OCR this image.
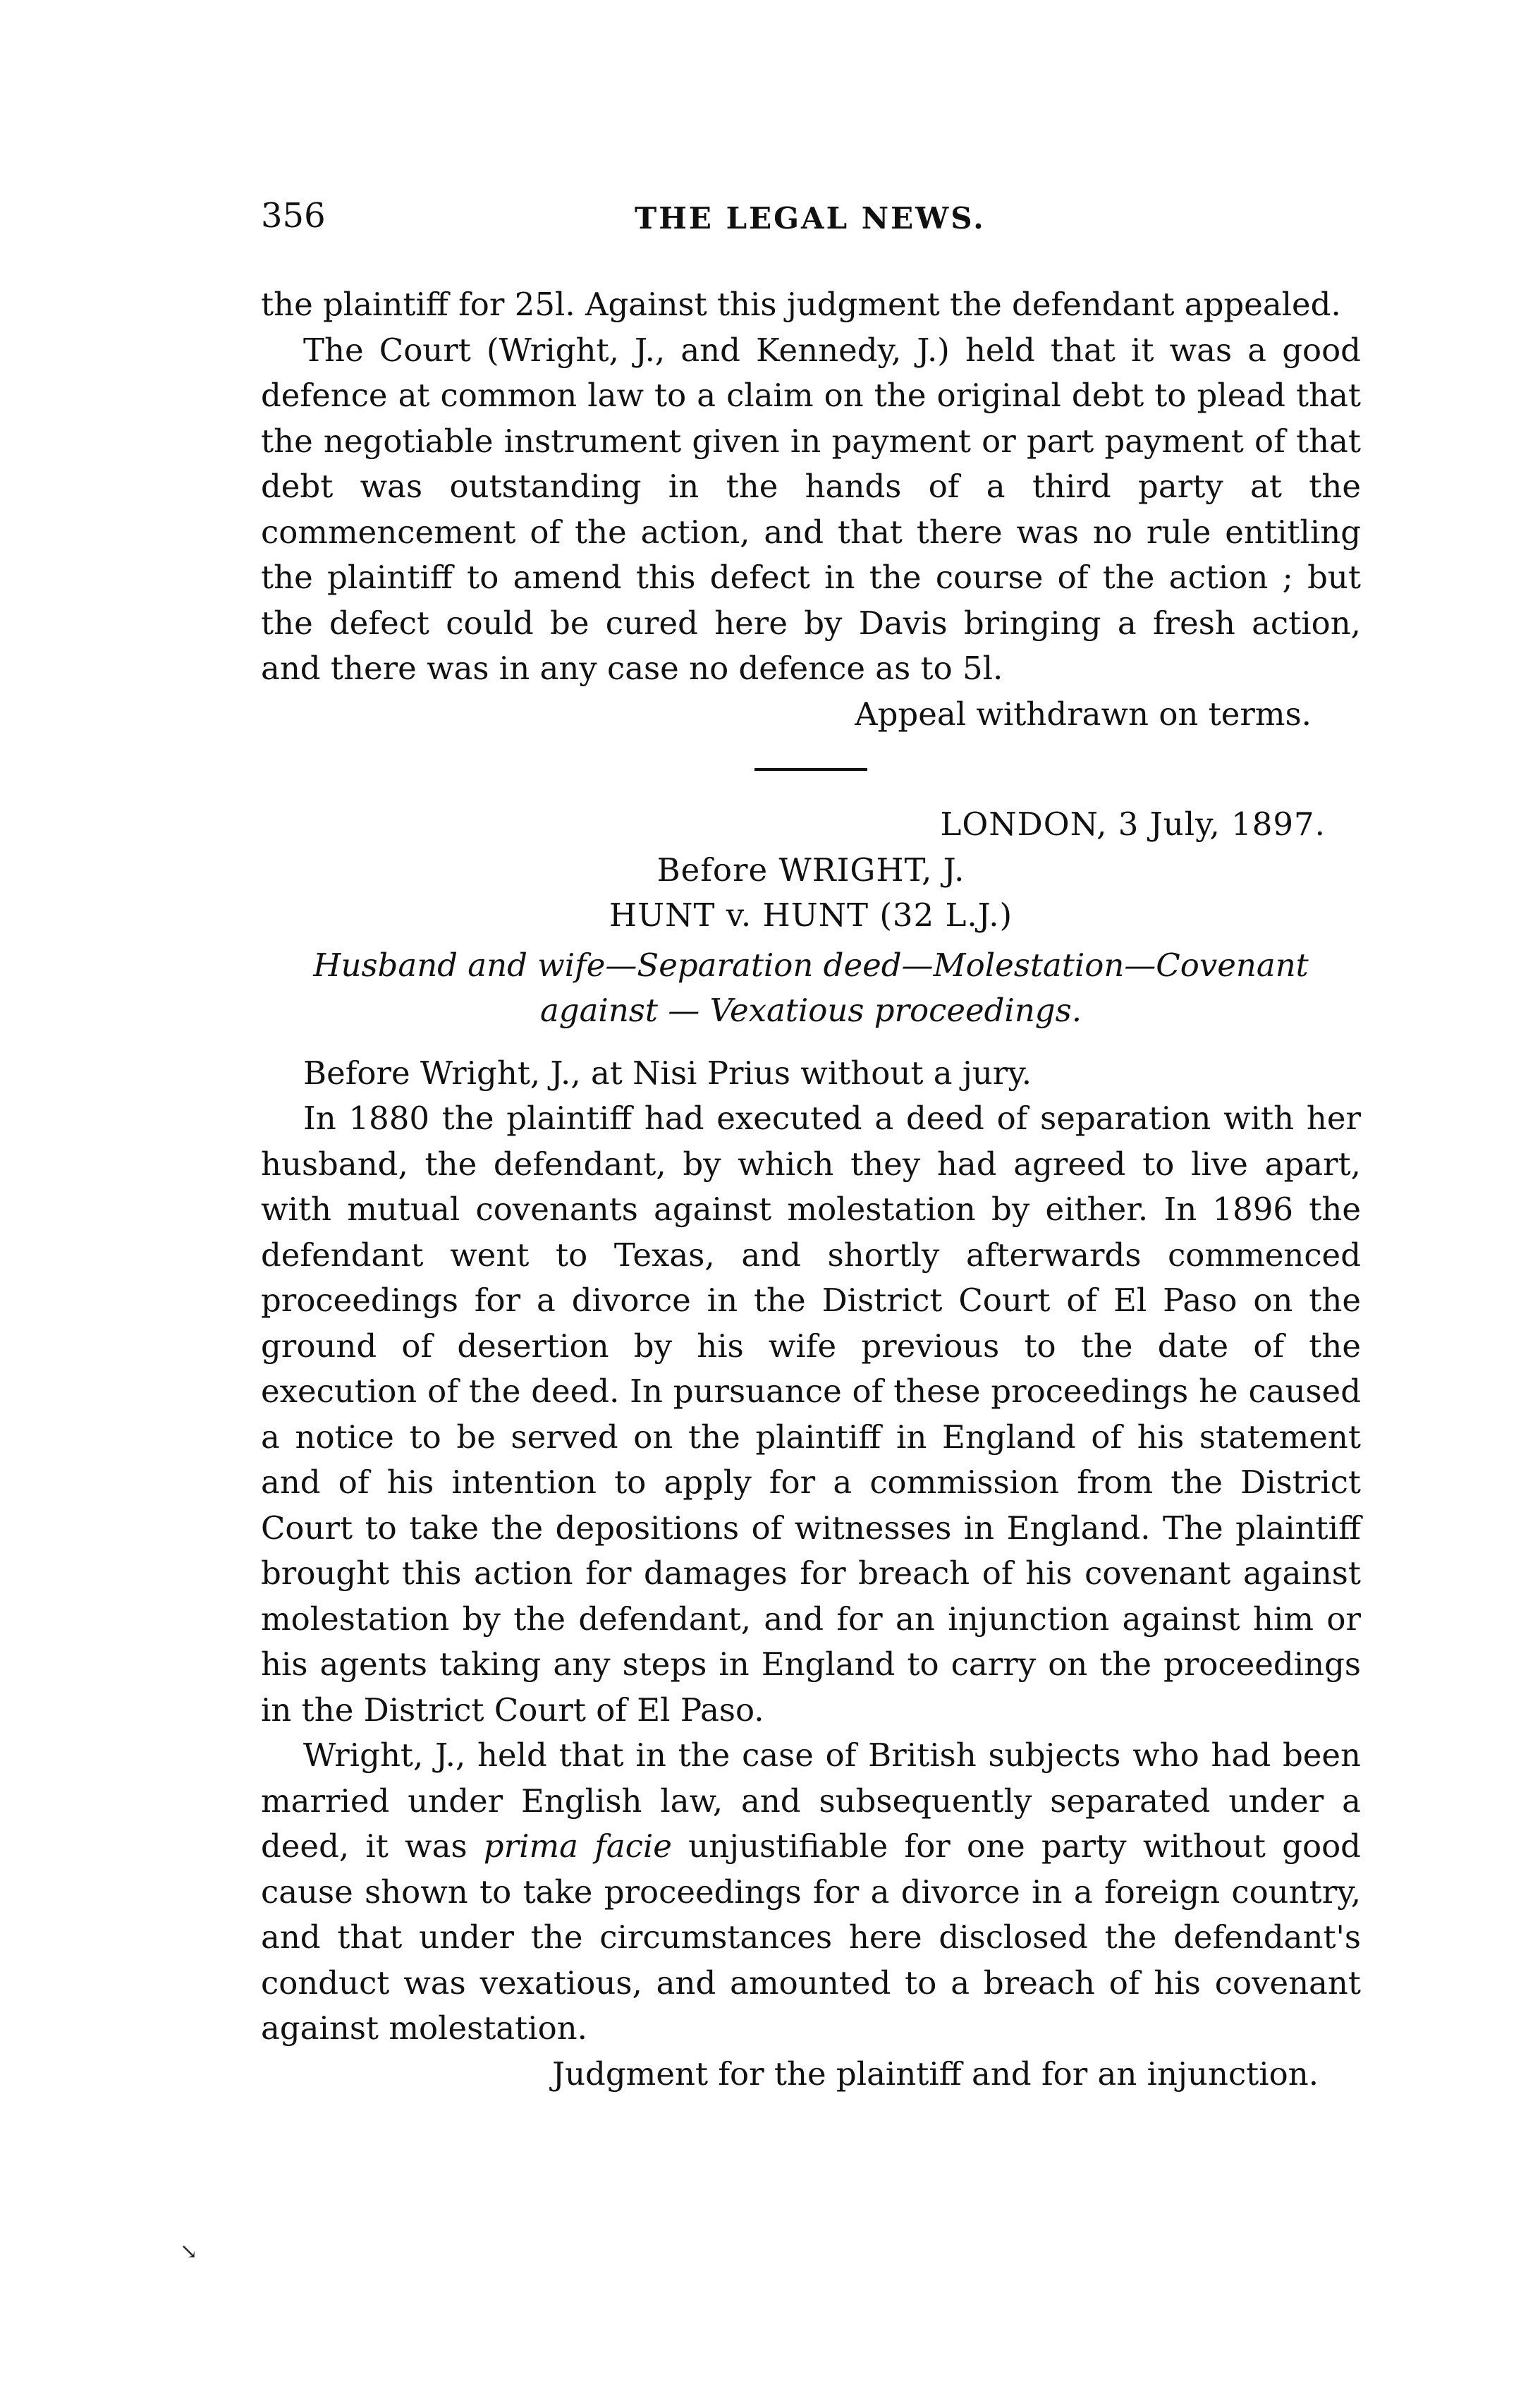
356	THE LEGAL NEWS.

the plaintiff for 25l. Against this judgment the defendant appealed.

The Court (Wright, J., and Kennedy, J.) held that it was a good defence at common law to a claim on the original debt to plead that the negotiable instrument given in payment or part payment of that debt was outstanding in the hands of a third party at the commencement of the action, and that there was no rule entitling the plaintiff to amend this defect in the course of the action ; but the defect could be cured here by Davis bringing a fresh action, and there was in any case no defence as to 5l.

Appeal withdrawn on terms.

LONDON, 3 July, 1897.

Before WRIGHT, J.

HUNT v. HUNT (32 L.J.)

Husband and wife—Separation deed—Molestation—Covenant against — Vexatious proceedings.

Before Wright, J., at Nisi Prius without a jury.

In 1880 the plaintiff had executed a deed of separation with her husband, the defendant, by which they had agreed to live apart, with mutual covenants against molestation by either. In 1896 the defendant went to Texas, and shortly afterwards commenced proceedings for a divorce in the District Court of El Paso on the ground of desertion by his wife previous to the date of the execution of the deed. In pursuance of these proceedings he caused a notice to be served on the plaintiff in England of his statement and of his intention to apply for a commission from the District Court to take the depositions of witnesses in England. The plaintiff brought this action for damages for breach of his covenant against molestation by the defendant, and for an injunction against him or his agents taking any steps in England to carry on the proceedings in the District Court of El Paso.

Wright, J., held that in the case of British subjects who had been married under English law, and subsequently separated under a deed, it was prima facie unjustifiable for one party without good cause shown to take proceedings for a divorce in a foreign country, and that under the circumstances here disclosed the defendant's conduct was vexatious, and amounted to a breach of his covenant against molestation.

Judgment for the plaintiff and for an injunction.

↘
